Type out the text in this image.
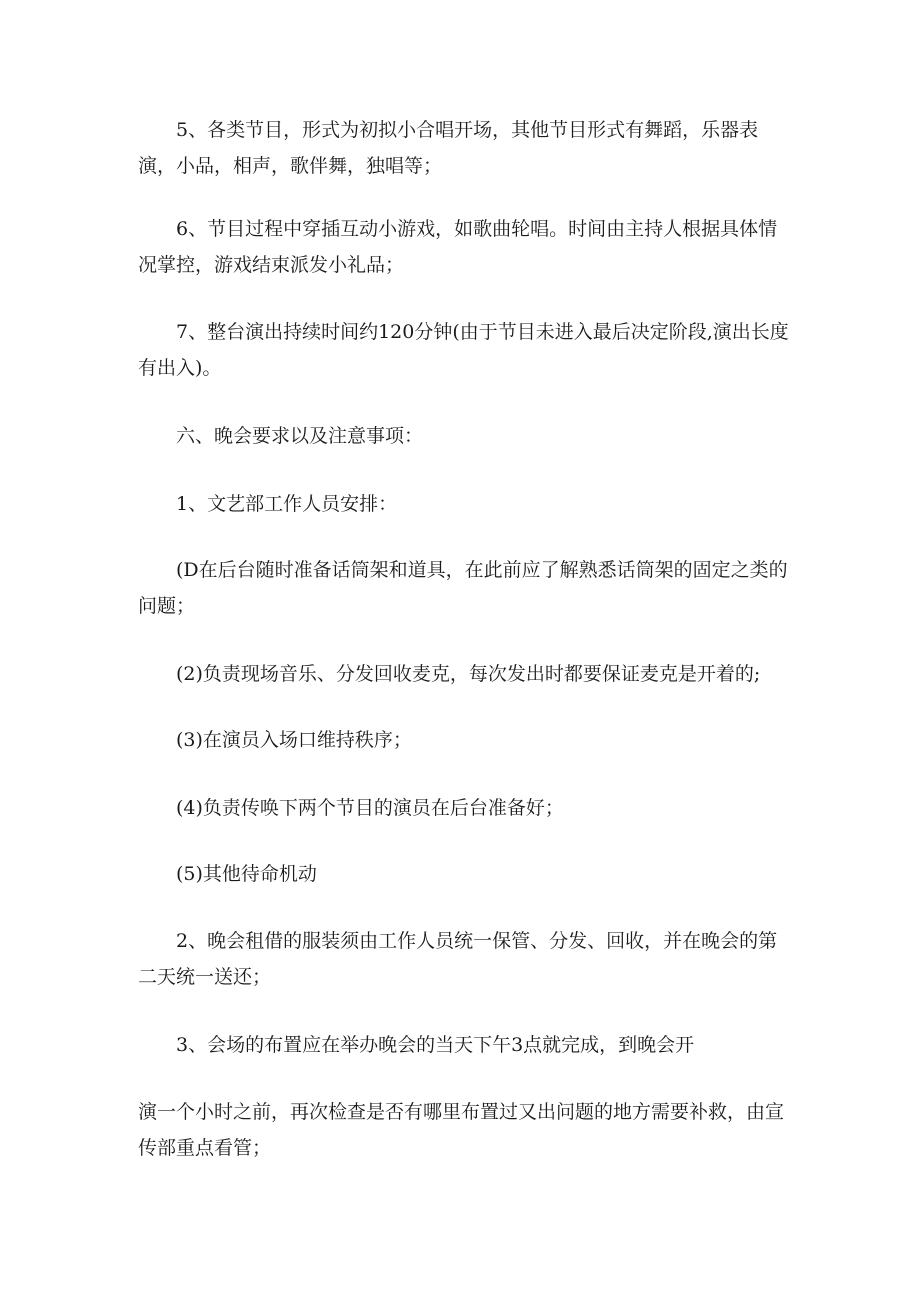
5、各类节目，形式为初拟小合唱开场，其他节目形式有舞蹈，乐器表演，小品，相声，歌伴舞，独唱等；

6、节目过程中穿插互动小游戏，如歌曲轮唱。时间由主持人根据具体情况掌控，游戏结束派发小礼品；

7、整台演出持续时间约120分钟(由于节目未进入最后决定阶段,演出长度有出入)。

六、晚会要求以及注意事项：

1、文艺部工作人员安排：

(D在后台随时准备话筒架和道具，在此前应了解熟悉话筒架的固定之类的问题；

(2)负责现场音乐、分发回收麦克，每次发出时都要保证麦克是开着的;

(3)在演员入场口维持秩序；

(4)负责传唤下两个节目的演员在后台准备好；

(5)其他待命机动

2、晚会租借的服装须由工作人员统一保管、分发、回收，并在晚会的第二天统一送还；

3、会场的布置应在举办晚会的当天下午3点就完成，到晚会开

演一个小时之前，再次检查是否有哪里布置过又出问题的地方需要补救，由宣传部重点看管；
